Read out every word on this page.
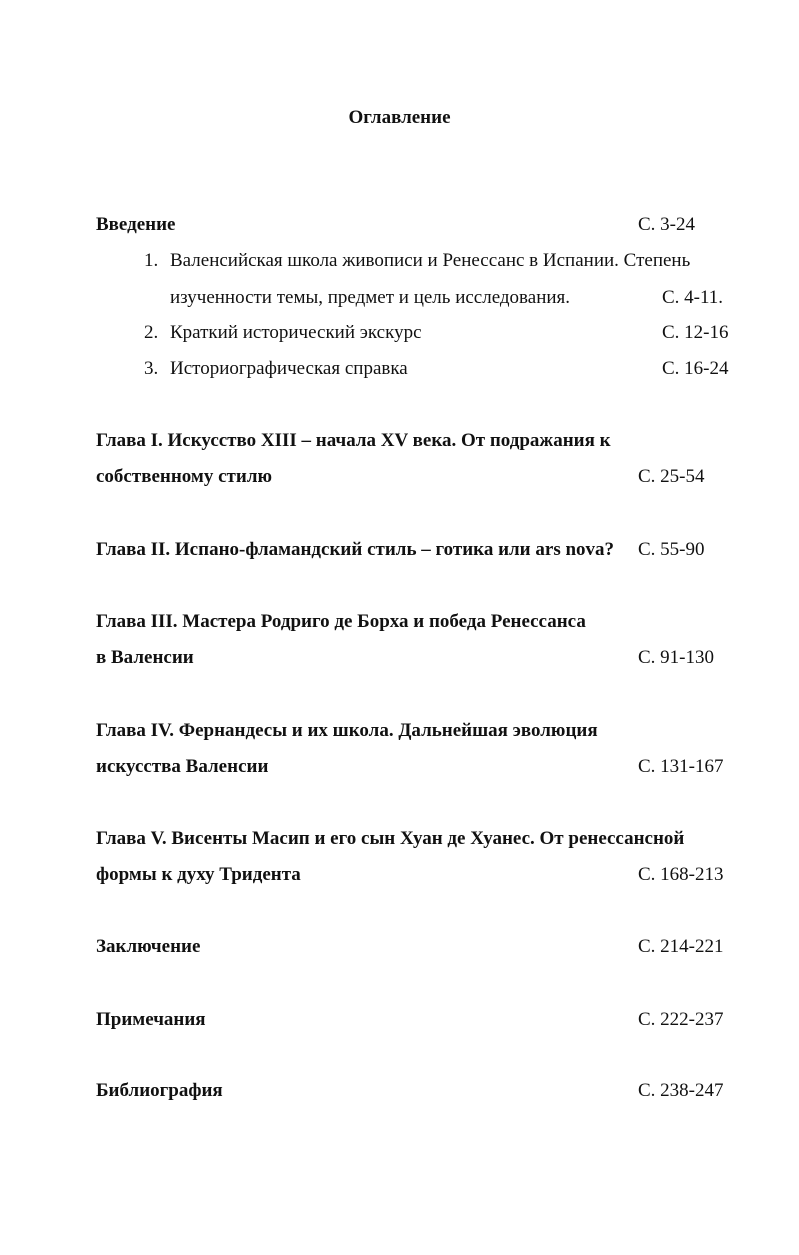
Оглавление
Введение	С. 3-24
1. Валенсийская школа живописи и Ренессанс в Испании. Степень
изученности темы, предмет и цель исследования.	С. 4-11.
2. Краткий исторический экскурс	С. 12-16
3. Историографическая справка	С. 16-24
Глава I. Искусство XIII – начала XV века. От подражания к
собственному стилю	С. 25-54
Глава II. Испано-фламандский стиль – готика или ars nova? С. 55-90
Глава III. Мастера Родриго де Борха и победа Ренессанса
в Валенсии	С. 91-130
Глава IV. Фернандесы и их школа. Дальнейшая эволюция
искусства Валенсии	С. 131-167
Глава V. Висенты Масип и его сын Хуан де Хуанес. От ренессансной
формы к духу Тридента	С. 168-213
Заключение	С. 214-221
Примечания	С. 222-237
Библиография	С. 238-247
